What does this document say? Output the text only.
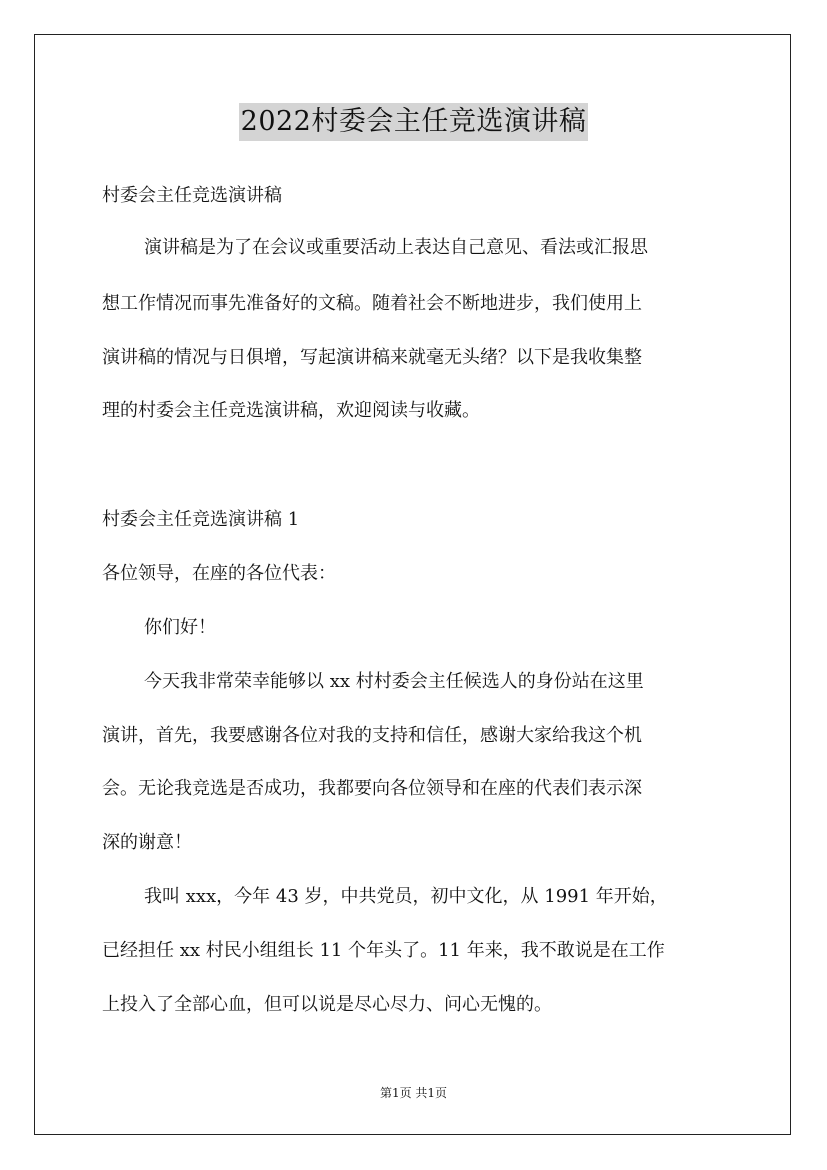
2022村委会主任竞选演讲稿
村委会主任竞选演讲稿
演讲稿是为了在会议或重要活动上表达自己意见、看法或汇报思
想工作情况而事先准备好的文稿。随着社会不断地进步，我们使用上
演讲稿的情况与日俱增，写起演讲稿来就毫无头绪？以下是我收集整
理的村委会主任竞选演讲稿，欢迎阅读与收藏。
村委会主任竞选演讲稿 1
各位领导，在座的各位代表：
你们好！
今天我非常荣幸能够以 xx 村村委会主任候选人的身份站在这里
演讲，首先，我要感谢各位对我的支持和信任，感谢大家给我这个机
会。无论我竞选是否成功，我都要向各位领导和在座的代表们表示深
深的谢意！
我叫 xxx，今年 43 岁，中共党员，初中文化，从 1991 年开始，
已经担任 xx 村民小组组长 11 个年头了。11 年来，我不敢说是在工作
上投入了全部心血，但可以说是尽心尽力、问心无愧的。
第1页 共1页
